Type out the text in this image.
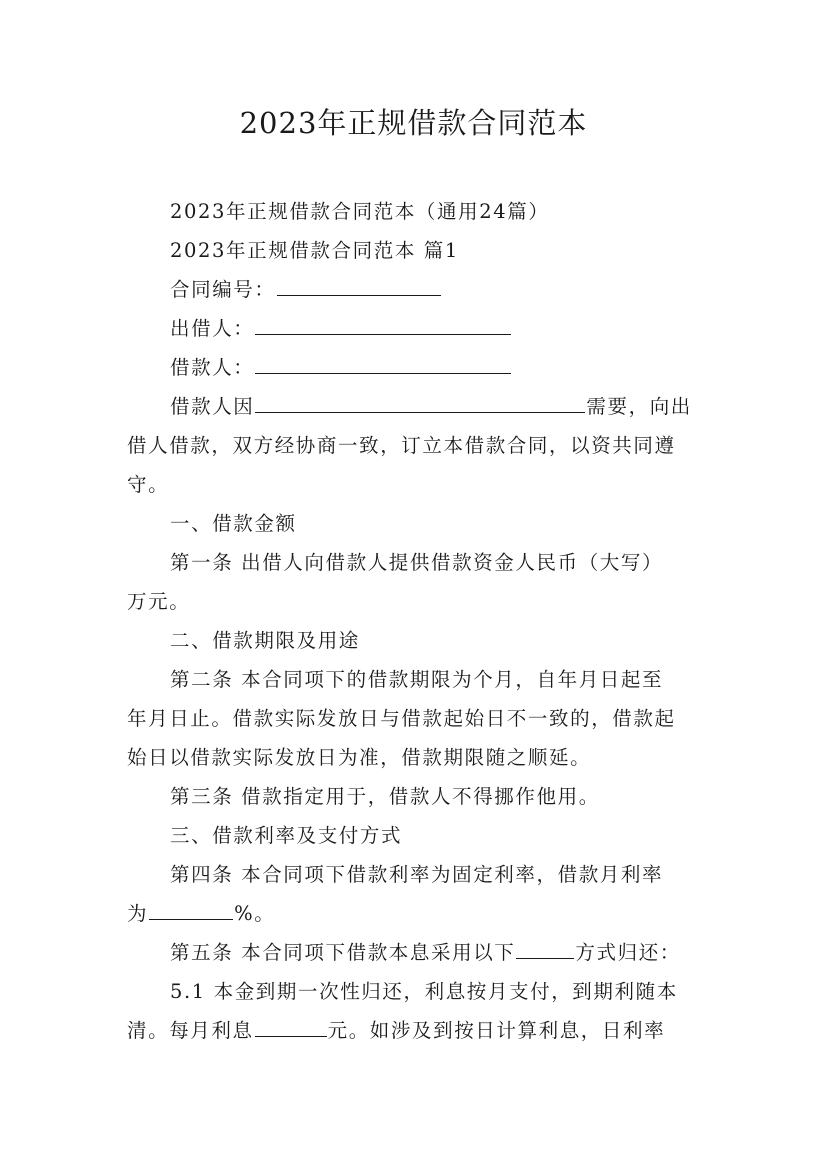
2023年正规借款合同范本
2023年正规借款合同范本（通用24篇）
2023年正规借款合同范本 篇1
合同编号：
出借人：
借款人：
借款人因	需要，向出
借人借款，双方经协商一致，订立本借款合同，以资共同遵
守。
一、借款金额
第一条 出借人向借款人提供借款资金人民币（大写）
万元。
二、借款期限及用途
第二条 本合同项下的借款期限为个月，自年月日起至
年月日止。借款实际发放日与借款起始日不一致的，借款起
始日以借款实际发放日为准，借款期限随之顺延。
第三条 借款指定用于，借款人不得挪作他用。
三、借款利率及支付方式
第四条 本合同项下借款利率为固定利率，借款月利率
为	%。
第五条 本合同项下借款本息采用以下	方式归还：
5.1 本金到期一次性归还，利息按月支付，到期利随本
清。每月利息	元。如涉及到按日计算利息，日利率
